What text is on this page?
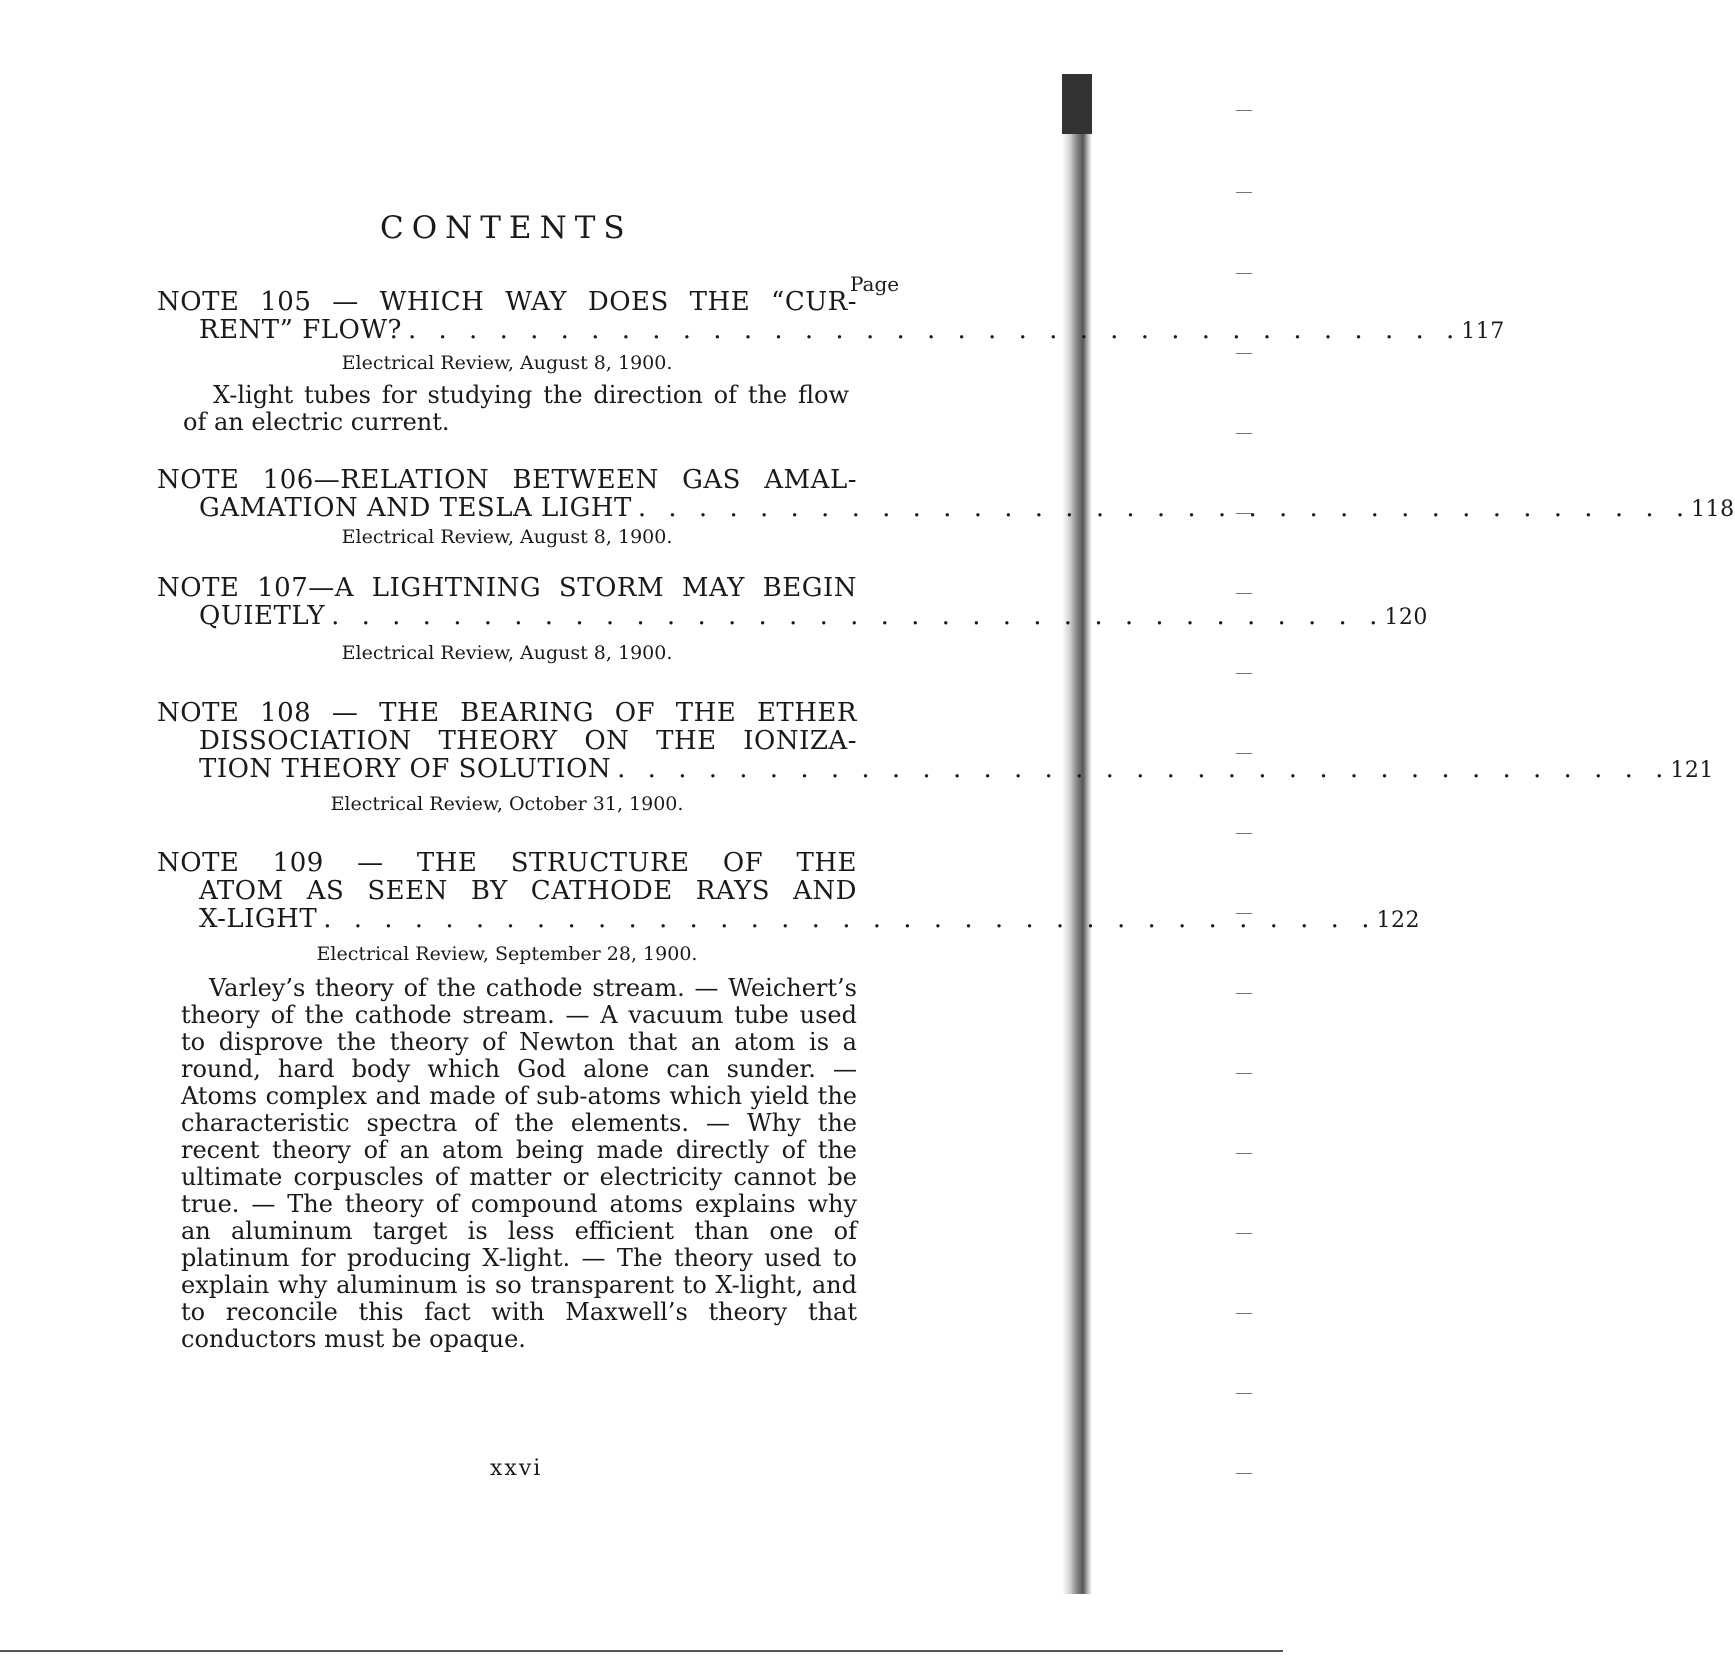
CONTENTS
Page
NOTE 105 — WHICH WAY DOES THE “CUR-
RENT” FLOW? . . . . . . . . . . . . . . . . . . . . . . . . . . . . . . . . . . . 117
Electrical Review, August 8, 1900.
X-light tubes for studying the direction of the flow of an electric current.
NOTE 106—RELATION BETWEEN GAS AMAL-
GAMATION AND TESLA LIGHT . . . . . . . . . . . . . . . . . . . . . . . . . . . . . . . . . . . 118
Electrical Review, August 8, 1900.
NOTE 107—A LIGHTNING STORM MAY BEGIN
QUIETLY . . . . . . . . . . . . . . . . . . . . . . . . . . . . . . . . . . . 120
Electrical Review, August 8, 1900.
NOTE 108 — THE BEARING OF THE ETHER
DISSOCIATION THEORY ON THE IONIZA-
TION THEORY OF SOLUTION . . . . . . . . . . . . . . . . . . . . . . . . . . . . . . . . . . . 121
Electrical Review, October 31, 1900.
NOTE 109 — THE STRUCTURE OF THE
ATOM AS SEEN BY CATHODE RAYS AND
X-LIGHT . . . . . . . . . . . . . . . . . . . . . . . . . . . . . . . . . . . 122
Electrical Review, September 28, 1900.
Varley’s theory of the cathode stream. — Weichert’s theory of the cathode stream. — A vacuum tube used to disprove the theory of Newton that an atom is a round, hard body which God alone can sunder. — Atoms complex and made of sub-atoms which yield the characteristic spectra of the elements. — Why the recent theory of an atom being made directly of the ultimate corpuscles of matter or electricity cannot be true. — The theory of compound atoms explains why an aluminum target is less efficient than one of platinum for producing X-light. — The theory used to explain why aluminum is so transparent to X-light, and to reconcile this fact with Maxwell’s theory that conductors must be opaque.
xxvi
